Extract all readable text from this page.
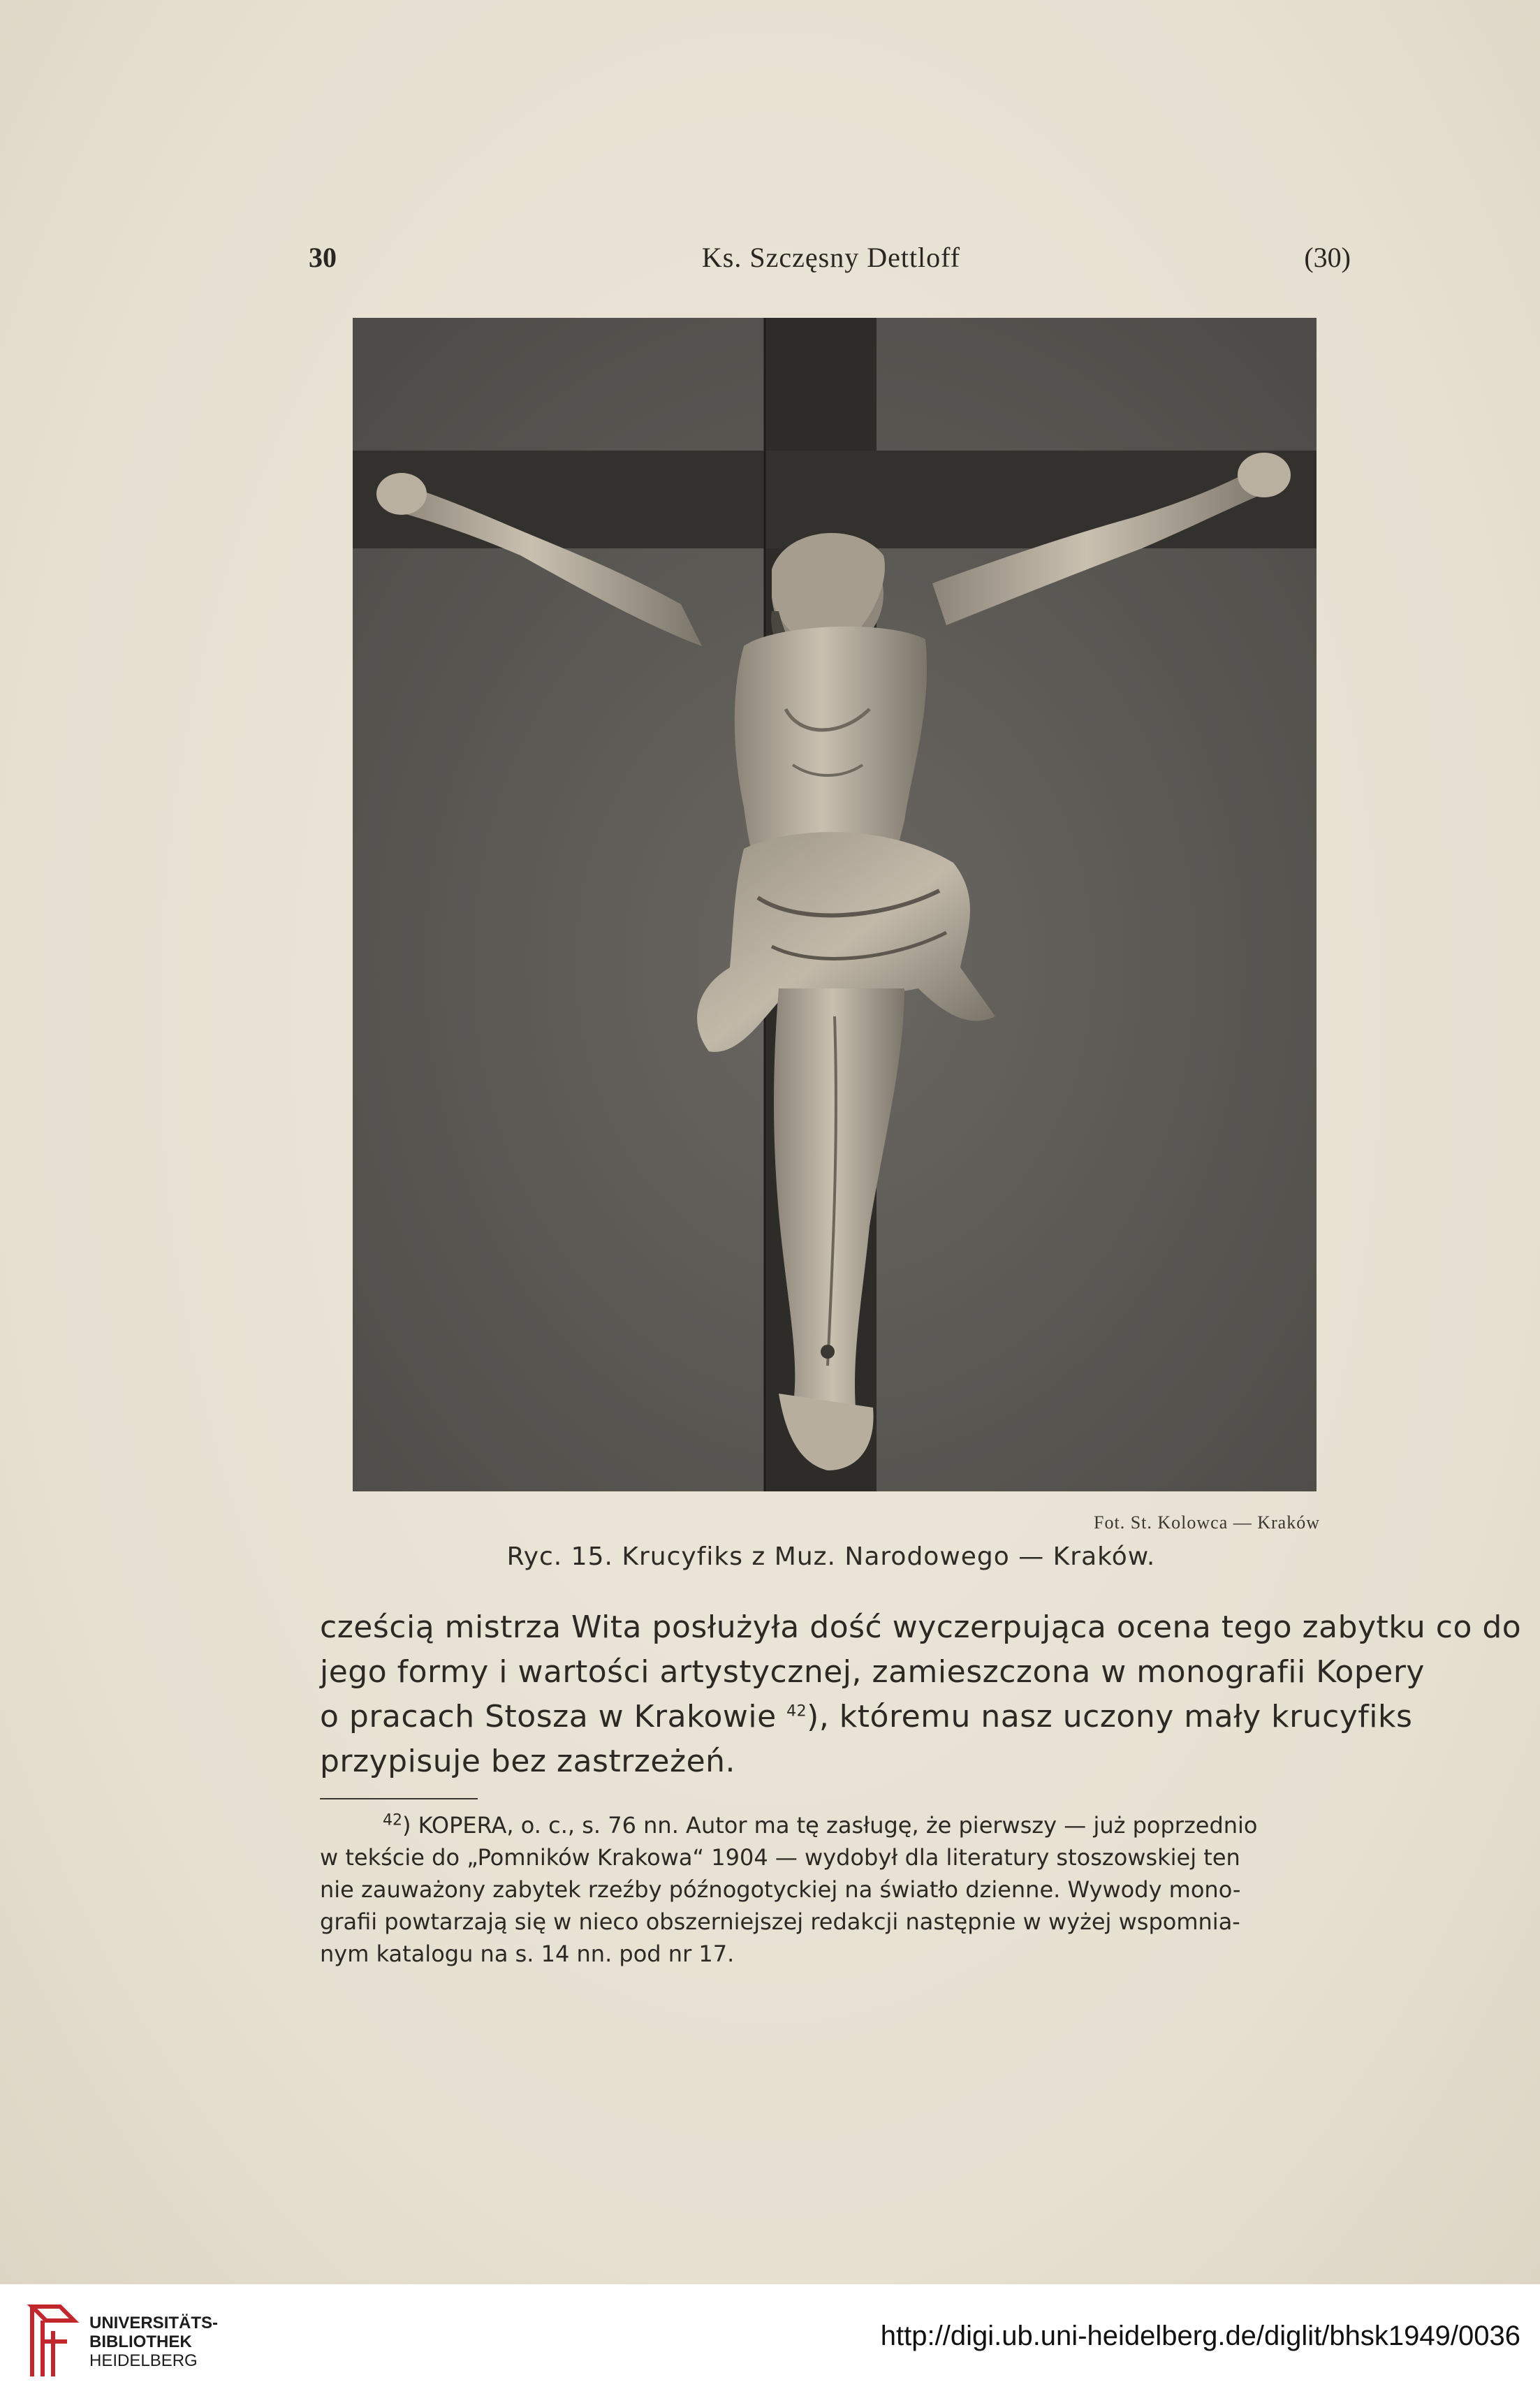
30	Ks. Szczęsny Dettloff	(30)
Fot. St. Kolowca — Kraków
Ryc. 15. Krucyfiks z Muz. Narodowego — Kraków.
cześcią mistrza Wita posłużyła dość wyczerpująca ocena tego zabytku co do
jego formy i wartości artystycznej, zamieszczona w monografii Kopery
o pracach Stosza w Krakowie $^{42}$), któremu nasz uczony mały krucyfiks
przypisuje bez zastrzeżeń.
$^{42}$) KOPERA, o. c., s. 76 nn. Autor ma tę zasługę, że pierwszy — już poprzednio
w tekście do „Pomników Krakowa“ 1904 — wydobył dla literatury stoszowskiej ten
nie zauważony zabytek rzeźby późnogotyckiej na światło dzienne. Wywody mono-
grafii powtarzają się w nieco obszerniejszej redakcji następnie w wyżej wspomnia-
nym katalogu na s. 14 nn. pod nr 17.
UNIVERSITÄTS-
BIBLIOTHEK
HEIDELBERG
http://digi.ub.uni-heidelberg.de/diglit/bhsk1949/0036
